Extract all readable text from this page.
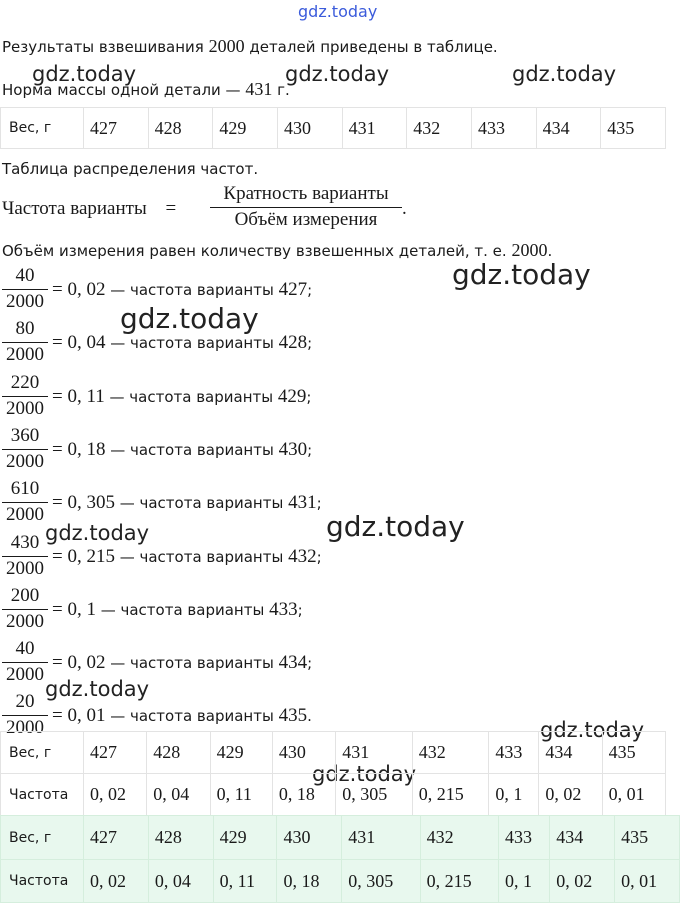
gdz.today
gdz.today	gdz.today	gdz.today
gdz.today
gdz.today
gdz.today
gdz.today
gdz.today
gdz.today
gdz.today
Результаты взвешивания 2000 деталей приведены в таблице.
Норма массы одной детали — 431 г.
Вес, г	427	428	429	430	431	432	433	434	435
Таблица распределения частот.
Частота варианты =
Кратность варианты
Объём измерения
.
Объём измерения равен количеству взвешенных деталей, т. е. 2000.
40
2000
= 0, 02 — частота варианты 427;
80
2000
= 0, 04 — частота варианты 428;
220
2000
= 0, 11 — частота варианты 429;
360
2000
= 0, 18 — частота варианты 430;
610
2000
= 0, 305 — частота варианты 431;
430
2000
= 0, 215 — частота варианты 432;
200
2000
= 0, 1 — частота варианты 433;
40
2000
= 0, 02 — частота варианты 434;
20
2000
= 0, 01 — частота варианты 435.
Вес, г	427	428	429	430	431	432	433	434	435
Частота	0, 02	0, 04	0, 11	0, 18	0, 305	0, 215	0, 1	0, 02	0, 01
Вес, г	427	428	429	430	431	432	433	434	435
Частота	0, 02	0, 04	0, 11	0, 18	0, 305	0, 215	0, 1	0, 02	0, 01
